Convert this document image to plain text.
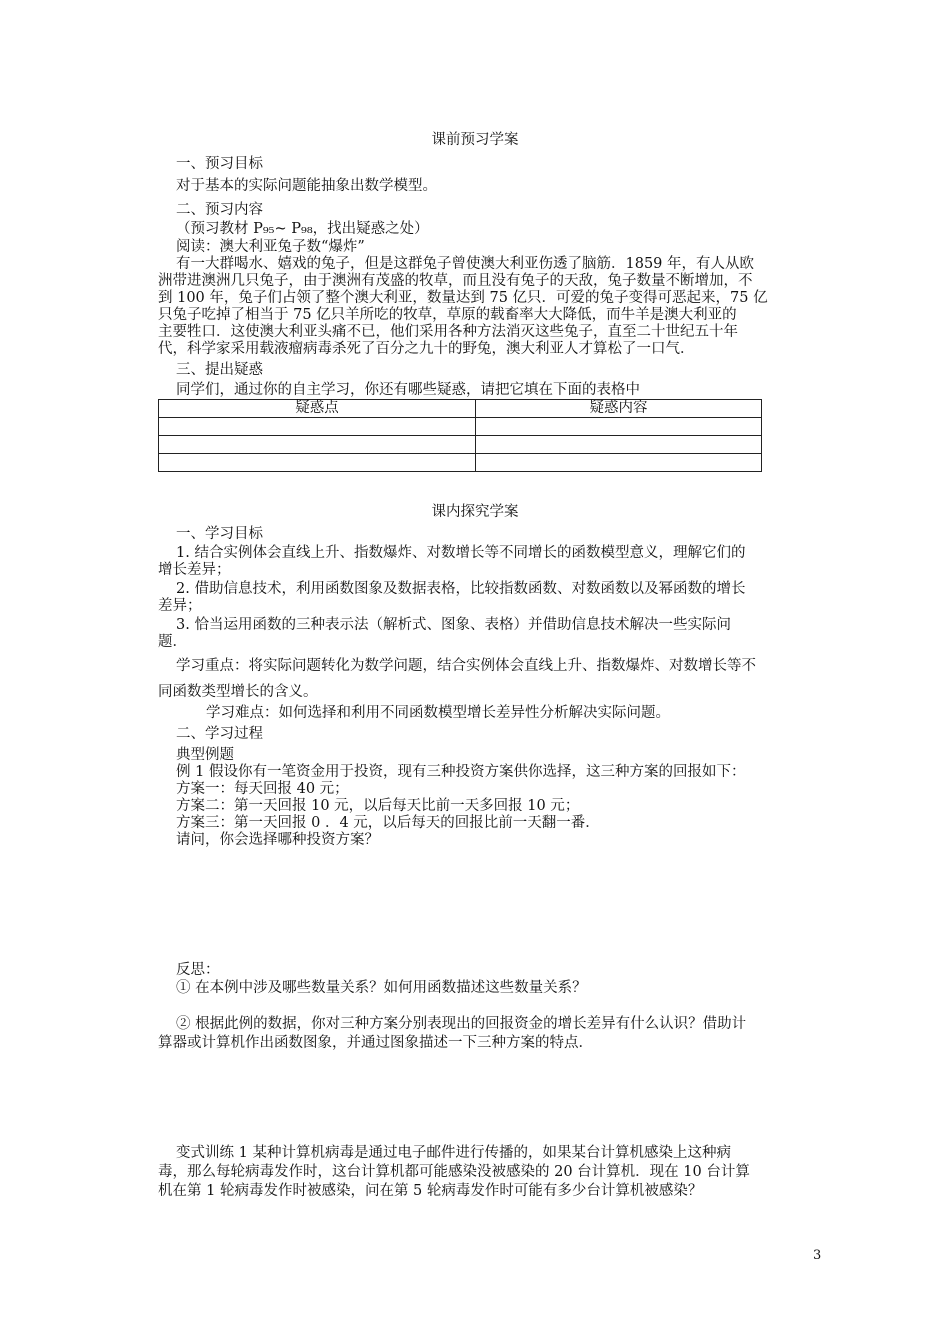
课前预习学案
一、预习目标
对于基本的实际问题能抽象出数学模型。
二、预习内容
（预习教材 P₉₅~ P₉₈，找出疑惑之处）
阅读：澳大利亚兔子数“爆炸”
有一大群喝水、嬉戏的兔子，但是这群兔子曾使澳大利亚伤透了脑筋．1859 年，有人从欧
洲带进澳洲几只兔子，由于澳洲有茂盛的牧草，而且没有兔子的天敌，兔子数量不断增加，不
到 100 年，兔子们占领了整个澳大利亚，数量达到 75 亿只．可爱的兔子变得可恶起来，75 亿
只兔子吃掉了相当于 75 亿只羊所吃的牧草，草原的载畜率大大降低，而牛羊是澳大利亚的
主要牲口．这使澳大利亚头痛不已，他们采用各种方法消灭这些兔子，直至二十世纪五十年
代，科学家采用载液瘤病毒杀死了百分之九十的野兔，澳大利亚人才算松了一口气．
三、提出疑惑
同学们，通过你的自主学习，你还有哪些疑惑，请把它填在下面的表格中
疑惑点	疑惑内容

课内探究学案
一、学习目标
1. 结合实例体会直线上升、指数爆炸、对数增长等不同增长的函数模型意义，理解它们的增长差异；
2. 借助信息技术，利用函数图象及数据表格，比较指数函数、对数函数以及幂函数的增长差异；
3. 恰当运用函数的三种表示法（解析式、图象、表格）并借助信息技术解决一些实际问题．
学习重点：将实际问题转化为数学问题，结合实例体会直线上升、指数爆炸、对数增长等不同函数类型增长的含义。
学习难点：如何选择和利用不同函数模型增长差异性分析解决实际问题。
二、学习过程
典型例题
例 1 假设你有一笔资金用于投资，现有三种投资方案供你选择，这三种方案的回报如下：
方案一：每天回报 40 元；
方案二：第一天回报 10 元，以后每天比前一天多回报 10 元；
方案三：第一天回报 0 ．4 元，以后每天的回报比前一天翻一番．
请问，你会选择哪种投资方案？
反思：
① 在本例中涉及哪些数量关系？如何用函数描述这些数量关系？
② 根据此例的数据，你对三种方案分别表现出的回报资金的增长差异有什么认识？借助计算器或计算机作出函数图象，并通过图象描述一下三种方案的特点．
变式训练 1 某种计算机病毒是通过电子邮件进行传播的，如果某台计算机感染上这种病毒，那么每轮病毒发作时，这台计算机都可能感染没被感染的 20 台计算机．现在 10 台计算机在第 1 轮病毒发作时被感染，问在第 5 轮病毒发作时可能有多少台计算机被感染？
3
